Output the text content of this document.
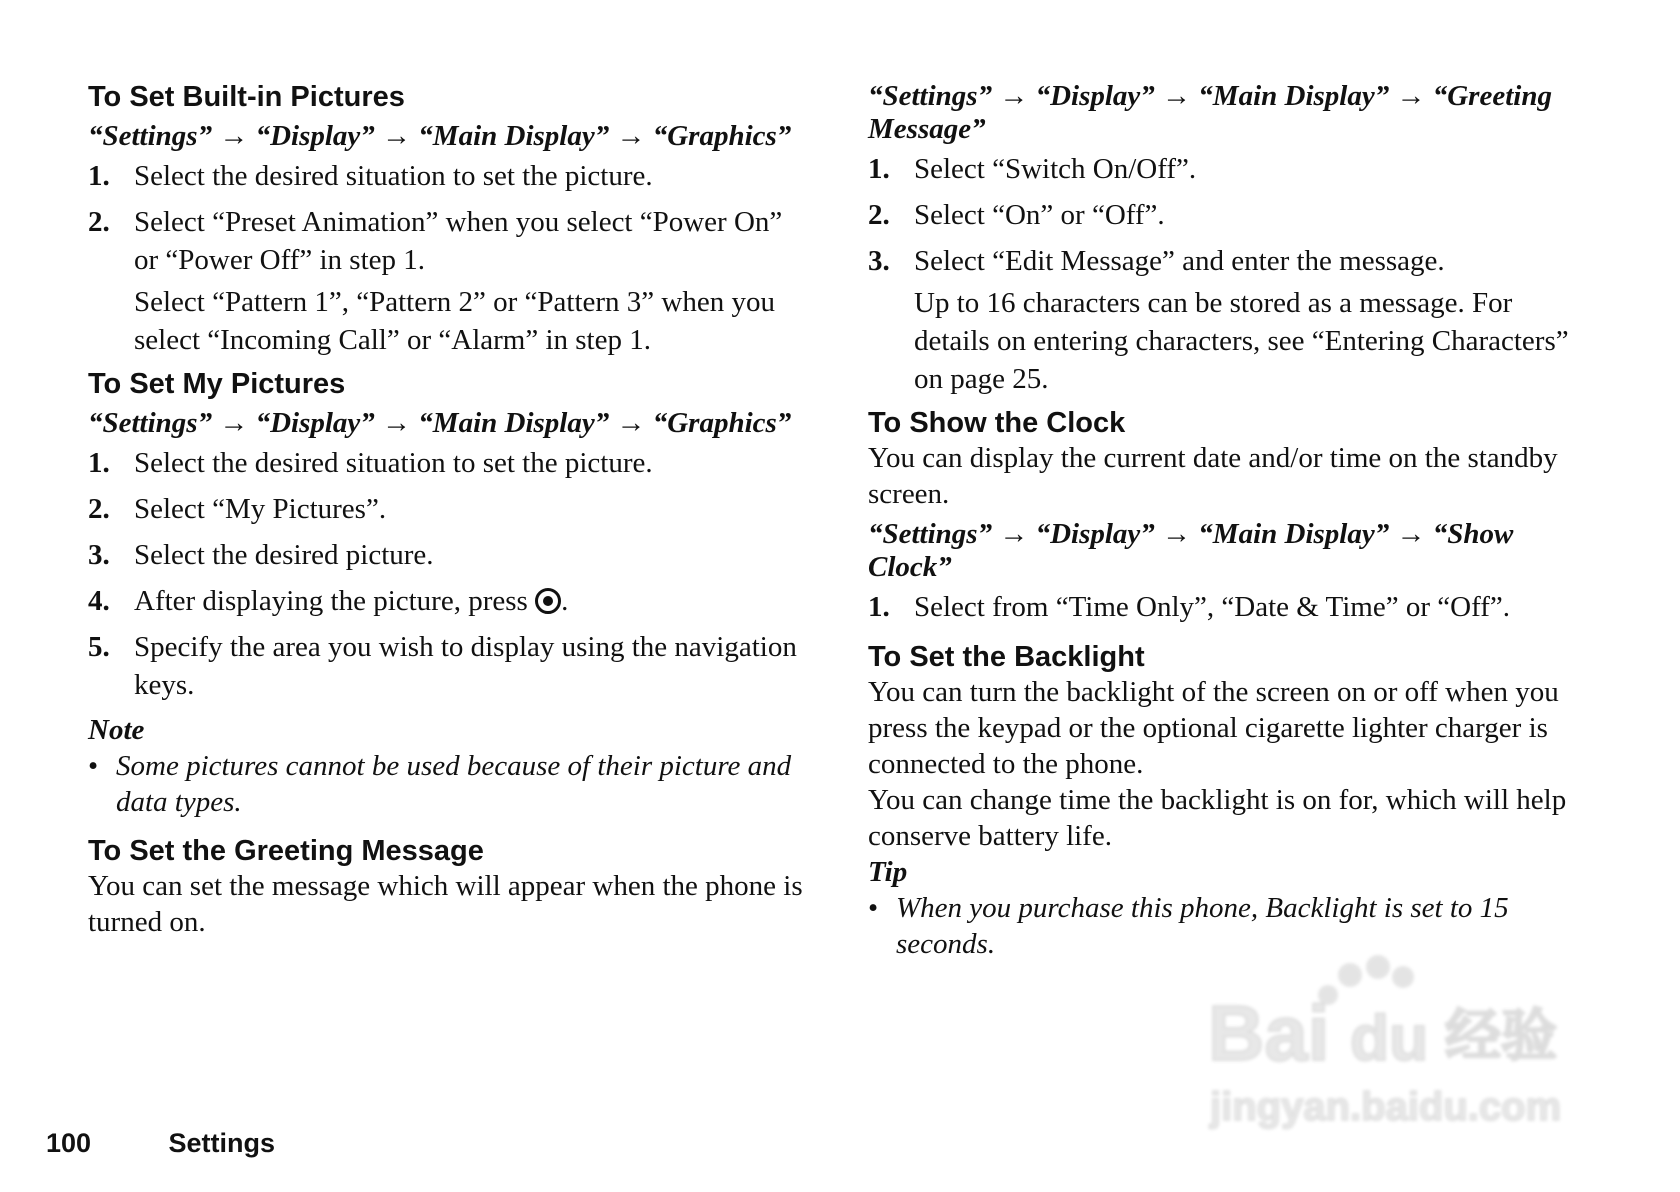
To Set Built-in Pictures

“Settings” → “Display” → “Main Display” → “Graphics”

1. Select the desired situation to set the picture.
2. Select “Preset Animation” when you select “Power On” or “Power Off” in step 1.
Select “Pattern 1”, “Pattern 2” or “Pattern 3” when you select “Incoming Call” or “Alarm” in step 1.
To Set My Pictures

“Settings” → “Display” → “Main Display” → “Graphics”

1. Select the desired situation to set the picture.
2. Select “My Pictures”.
3. Select the desired picture.
4. After displaying the picture, press .
5. Specify the area you wish to display using the navigation keys.

Note

• Some pictures cannot be used because of their picture and data types.
To Set the Greeting Message

You can set the message which will appear when the phone is turned on.

“Settings” → “Display” → “Main Display” → “Greeting Message”

1. Select “Switch On/Off”.
2. Select “On” or “Off”.
3. Select “Edit Message” and enter the message.
Up to 16 characters can be stored as a message. For details on entering characters, see “Entering Characters” on page 25.
To Show the Clock

You can display the current date and/or time on the standby screen.

“Settings” → “Display” → “Main Display” → “Show Clock”

1. Select from “Time Only”, “Date & Time” or “Off”.
To Set the Backlight

You can turn the backlight of the screen on or off when you press the keypad or the optional cigarette lighter charger is connected to the phone.

You can change time the backlight is on for, which will help conserve battery life.

Tip

• When you purchase this phone, Backlight is set to 15 seconds.
100	Settings
Bai du 经验
jingyan.baidu.com
